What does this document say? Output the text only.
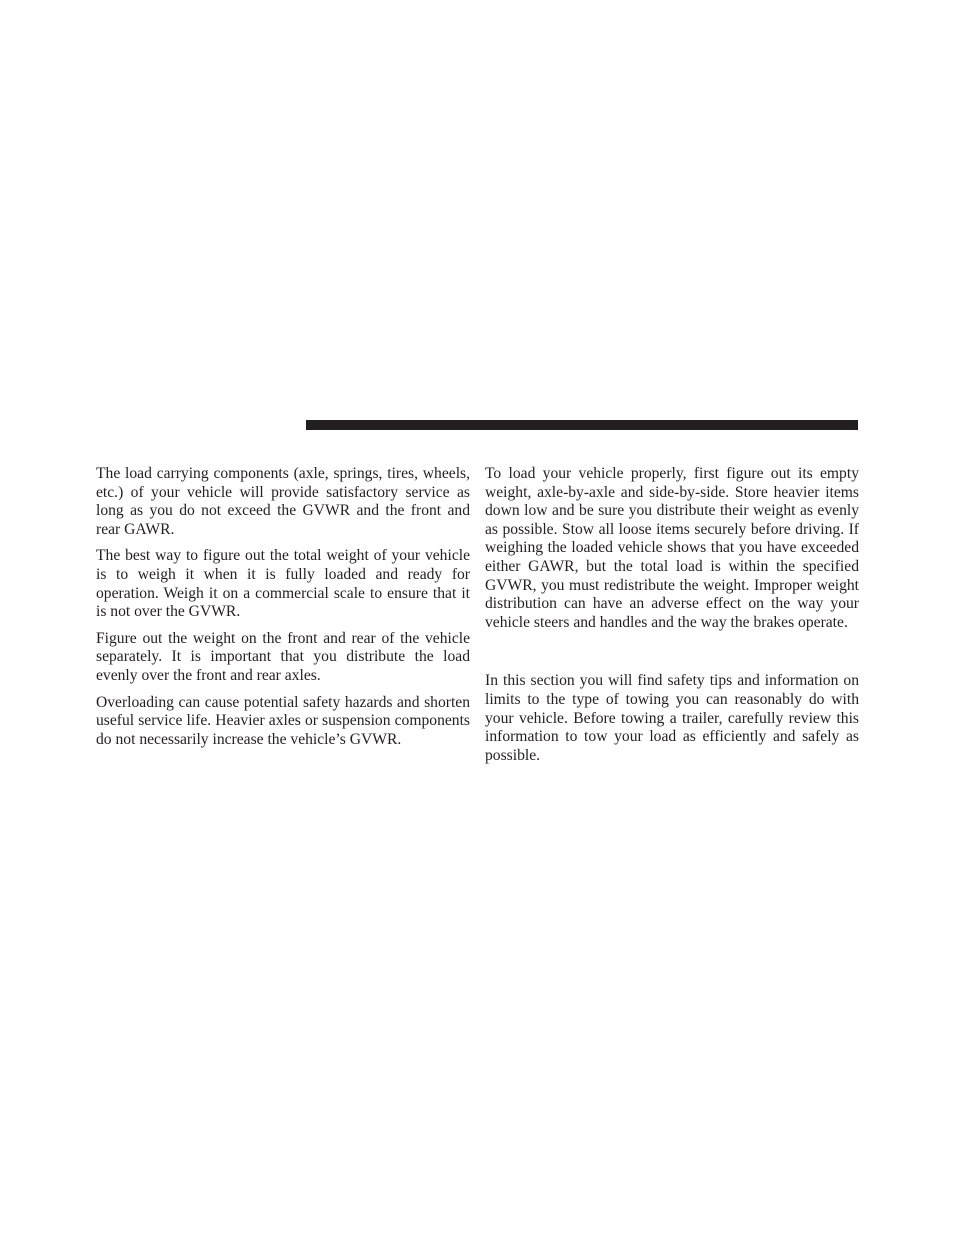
The load carrying components (axle, springs, tires, wheels, etc.) of your vehicle will provide satisfactory service as long as you do not exceed the GVWR and the front and rear GAWR.

The best way to figure out the total weight of your vehicle is to weigh it when it is fully loaded and ready for operation. Weigh it on a commercial scale to ensure that it is not over the GVWR.

Figure out the weight on the front and rear of the vehicle separately. It is important that you distribute the load evenly over the front and rear axles.

Overloading can cause potential safety hazards and shorten useful service life. Heavier axles or suspension components do not necessarily increase the vehicle’s GVWR.

To load your vehicle properly, first figure out its empty weight, axle-by-axle and side-by-side. Store heavier items down low and be sure you distribute their weight as evenly as possible. Stow all loose items securely before driving. If weighing the loaded vehicle shows that you have exceeded either GAWR, but the total load is within the specified GVWR, you must redistribute the weight. Improper weight distribution can have an adverse effect on the way your vehicle steers and handles and the way the brakes operate.

In this section you will find safety tips and information on limits to the type of towing you can reasonably do with your vehicle. Before towing a trailer, carefully review this information to tow your load as efficiently and safely as possible.
